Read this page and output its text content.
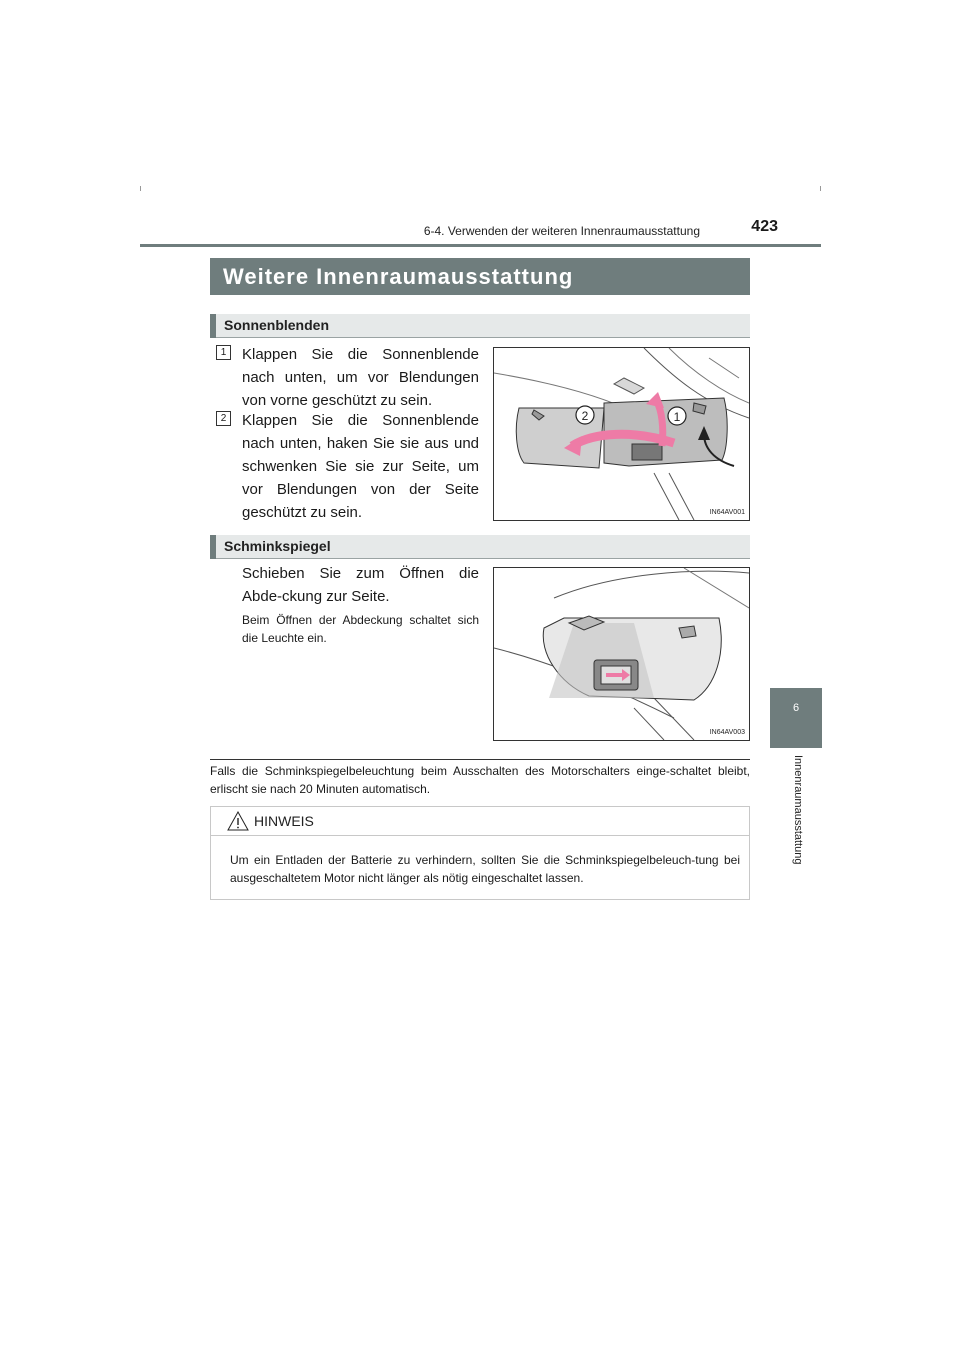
6-4. Verwenden der weiteren Innenraumausstattung	423
6
Innenraumausstattung
Weitere Innenraumausstattung
Sonnenblenden
1	Klappen Sie die Sonnenblende nach unten, um vor Blendungen von vorne geschützt zu sein.
2	Klappen Sie die Sonnenblende nach unten, haken Sie sie aus und schwenken Sie sie zur Seite, um vor Blendungen von der Seite geschützt zu sein.
2	1
IN64AV001
Schminkspiegel
Schieben Sie zum Öffnen die Abde-ckung zur Seite.
Beim Öffnen der Abdeckung schaltet sich die Leuchte ein.
IN64AV003
Falls die Schminkspiegelbeleuchtung beim Ausschalten des Motorschalters einge-schaltet bleibt, erlischt sie nach 20 Minuten automatisch.
HINWEIS
Um ein Entladen der Batterie zu verhindern, sollten Sie die Schminkspiegelbeleuch-tung bei ausgeschaltetem Motor nicht länger als nötig eingeschaltet lassen.
